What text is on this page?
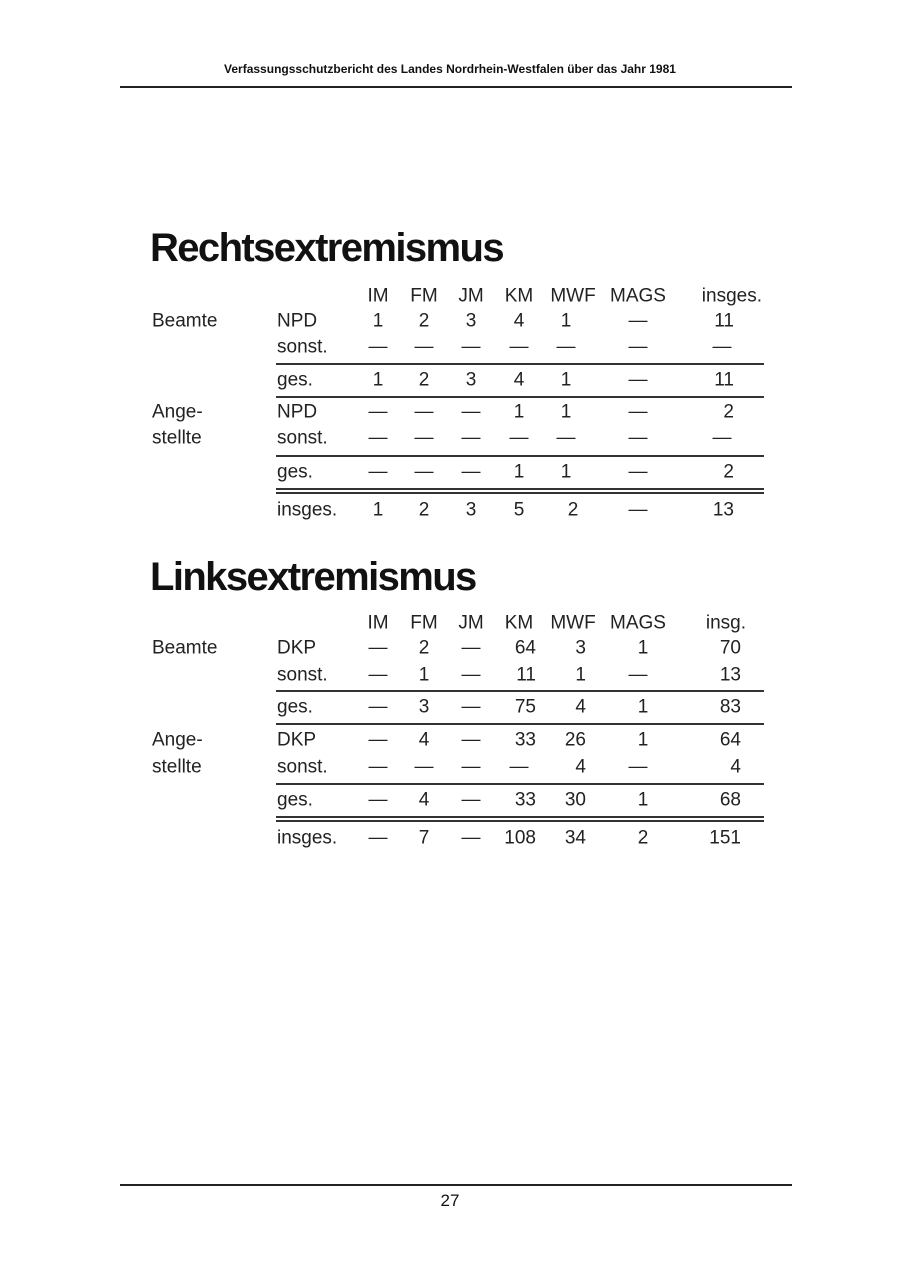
Verfassungsschutzbericht des Landes Nordrhein-Westfalen über das Jahr 1981
Rechtsextremismus
IM	FM	JM	KM MWF MAGS	insges.
Beamte	NPD	1	2	3	4	1	—	11
sonst.	—	—	—	—	—	—	—
ges.	1	2	3	4	1	—	11
Ange-
stellte
NPD	—	—	—	1	1	—	2
sonst.	—	—	—	—	—	—	—
ges.	—	—	—	1	1	—	2
insges.	1	2	3	5	2	—	13
Linksextremismus
IM	FM	JM	KM MWF MAGS	insg.
Beamte	DKP	—	2	—	64	3	1	70
sonst.	—	1	—	11	1	—	13
ges.	—	3	—	75	4	1	83
Ange-
stellte
DKP	—	4	—	33	26	1	64
sonst.	—	—	—	—	4	—	4
ges.	—	4	—	33	30	1	68
insges.	—	7	—	108	34	2	151
27
